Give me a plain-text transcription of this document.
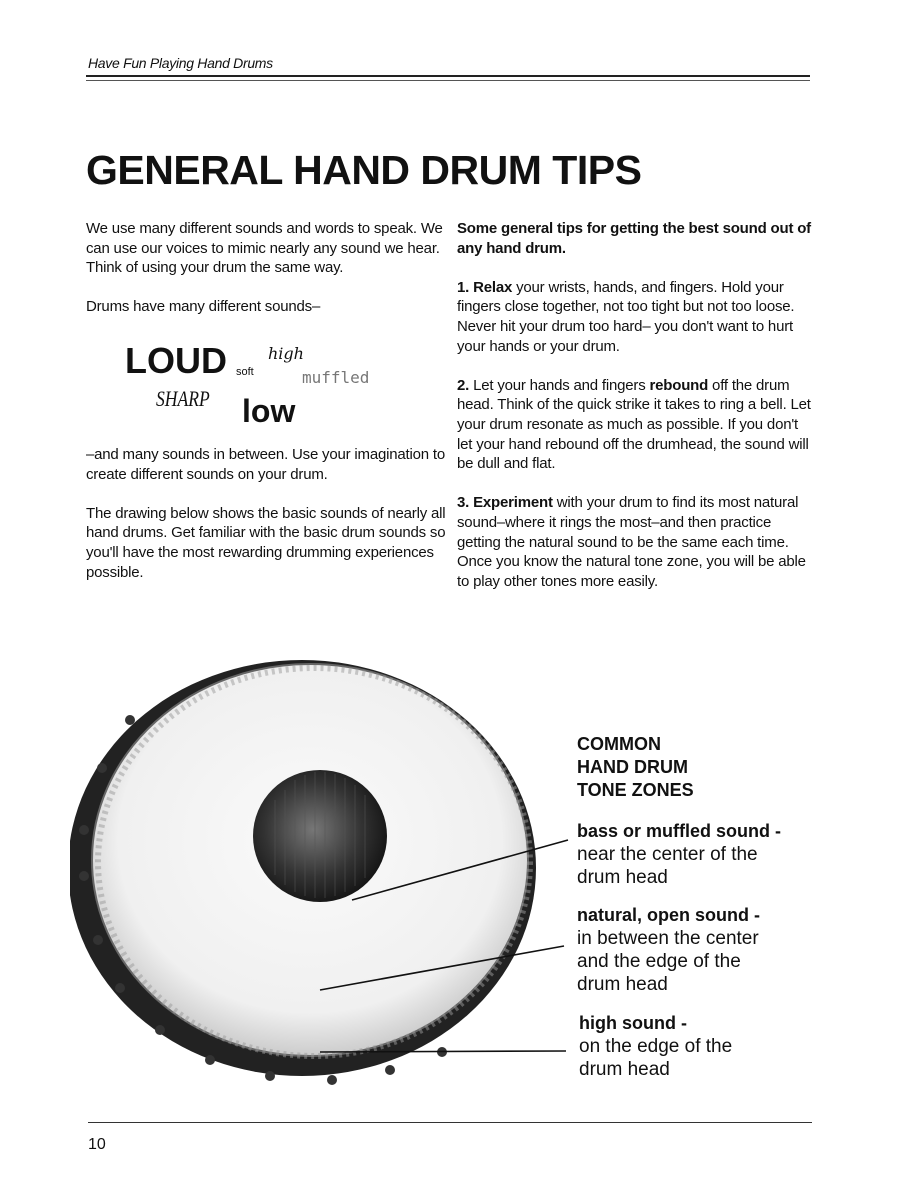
Have Fun Playing Hand Drums
GENERAL HAND DRUM TIPS

We use many different sounds and words to speak. We can use our voices to mimic nearly any sound we hear. Think of using your drum the same way.

Drums have many different sounds–

LOUD soft
high
muffled
SHARP low

–and many sounds in between. Use your imagination to create different sounds on your drum.

The drawing below shows the basic sounds of nearly all hand drums. Get familiar with the basic drum sounds so you'll have the most rewarding drumming experiences possible.

Some general tips for getting the best sound out of any hand drum.

1. Relax your wrists, hands, and fingers. Hold your fingers close together, not too tight but not too loose. Never hit your drum too hard– you don't want to hurt your hands or your drum.

2. Let your hands and fingers rebound off the drum head. Think of the quick strike it takes to ring a bell. Let your drum resonate as much as possible. If you don't let your hand rebound off the drumhead, the sound will be dull and flat.

3. Experiment with your drum to find its most natural sound–where it rings the most–and then practice getting the natural sound to be the same each time. Once you know the natural tone zone, you will be able to play other tones more easily.

COMMON
HAND DRUM
TONE ZONES
bass or muffled sound -
near the center of the
drum head
natural, open sound -
in between the center
and the edge of the
drum head
high sound -
on the edge of the
drum head
10
